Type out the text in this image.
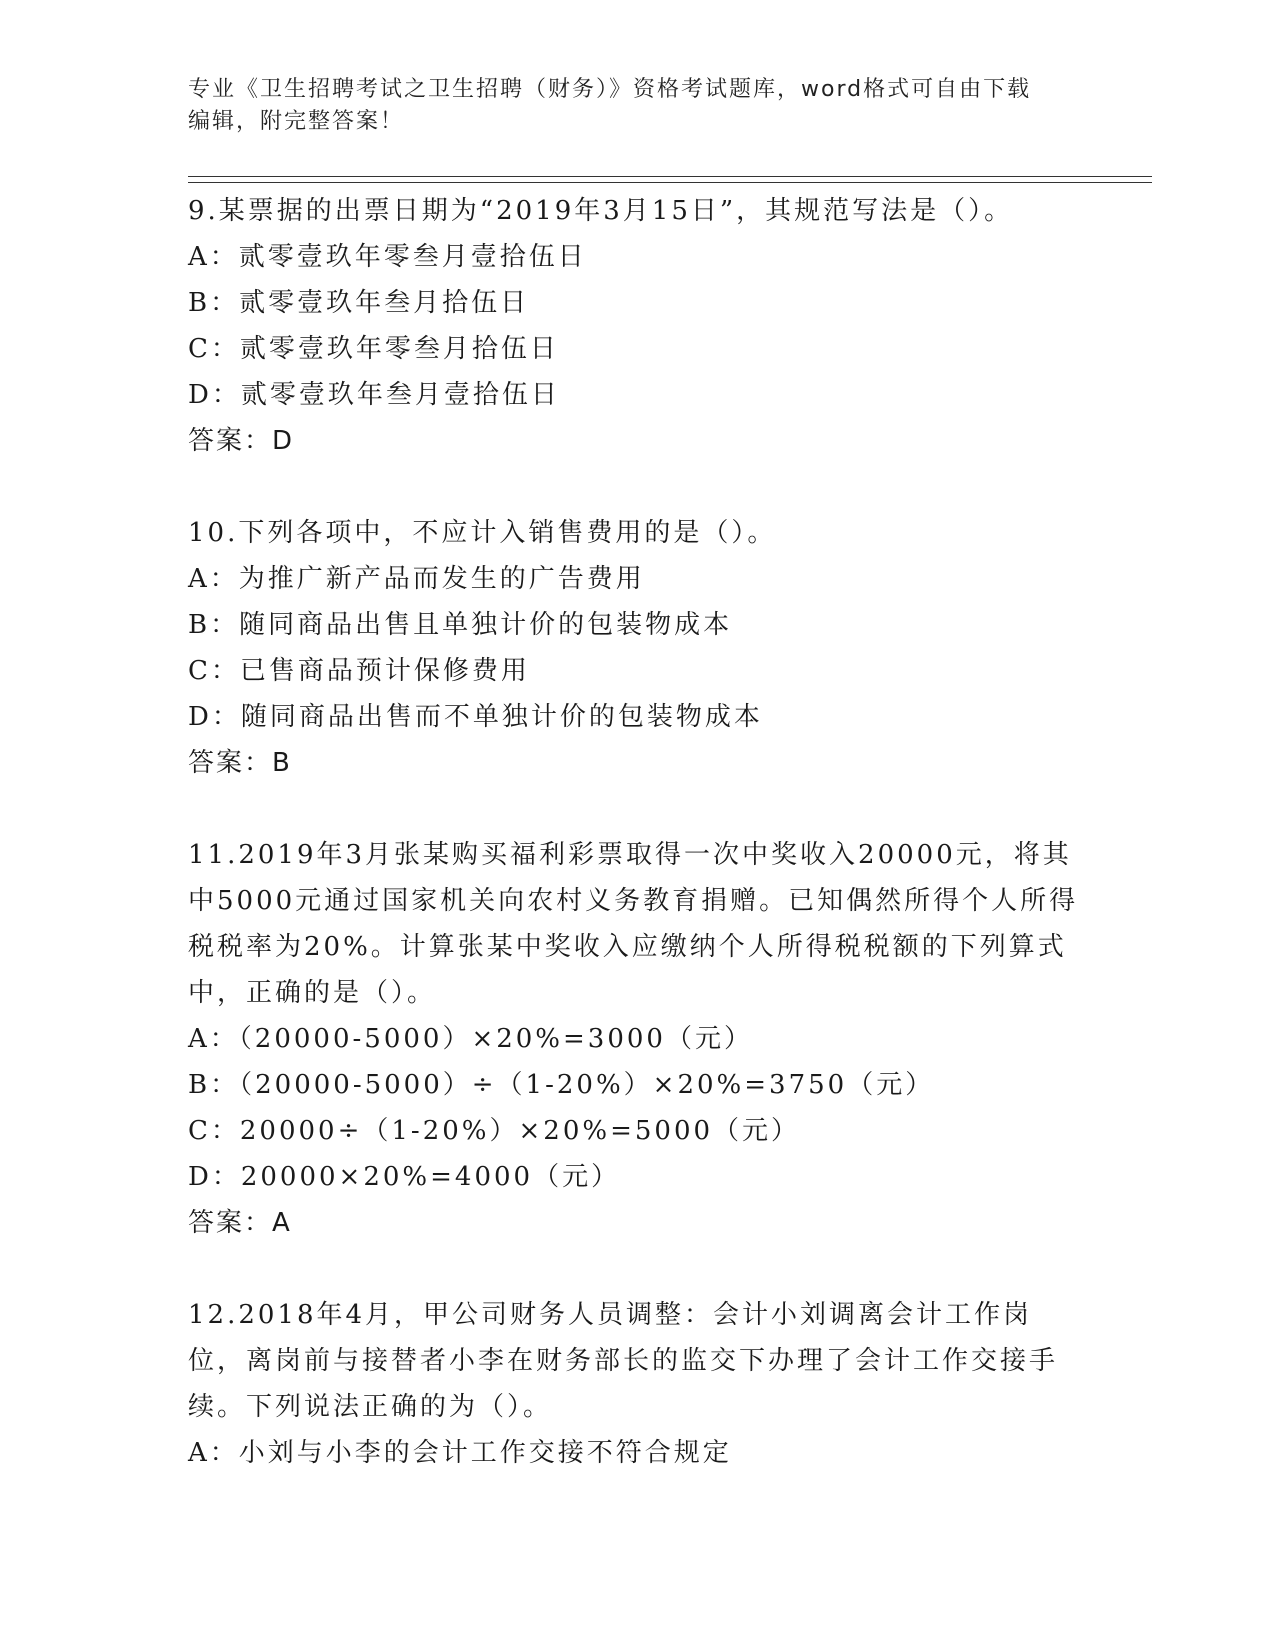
专业《卫生招聘考试之卫生招聘（财务）》资格考试题库，word格式可自由下载
编辑，附完整答案！
9.某票据的出票日期为“2019年3月15日”，其规范写法是（）。
A：贰零壹玖年零叁月壹拾伍日
B：贰零壹玖年叁月拾伍日
C：贰零壹玖年零叁月拾伍日
D：贰零壹玖年叁月壹拾伍日
答案：D
10.下列各项中，不应计入销售费用的是（）。
A：为推广新产品而发生的广告费用
B：随同商品出售且单独计价的包装物成本
C：已售商品预计保修费用
D：随同商品出售而不单独计价的包装物成本
答案：B
11.2019年3月张某购买福利彩票取得一次中奖收入20000元，将其中5000元通过国家机关向农村义务教育捐赠。已知偶然所得个人所得税税率为20%。计算张某中奖收入应缴纳个人所得税税额的下列算式中，正确的是（）。
A：（20000-5000）×20%=3000（元）
B：（20000-5000）÷（1-20%）×20%=3750（元）
C：20000÷（1-20%）×20%=5000（元）
D：20000×20%=4000（元）
答案：A
12.2018年4月，甲公司财务人员调整：会计小刘调离会计工作岗位，离岗前与接替者小李在财务部长的监交下办理了会计工作交接手续。下列说法正确的为（）。
A：小刘与小李的会计工作交接不符合规定
